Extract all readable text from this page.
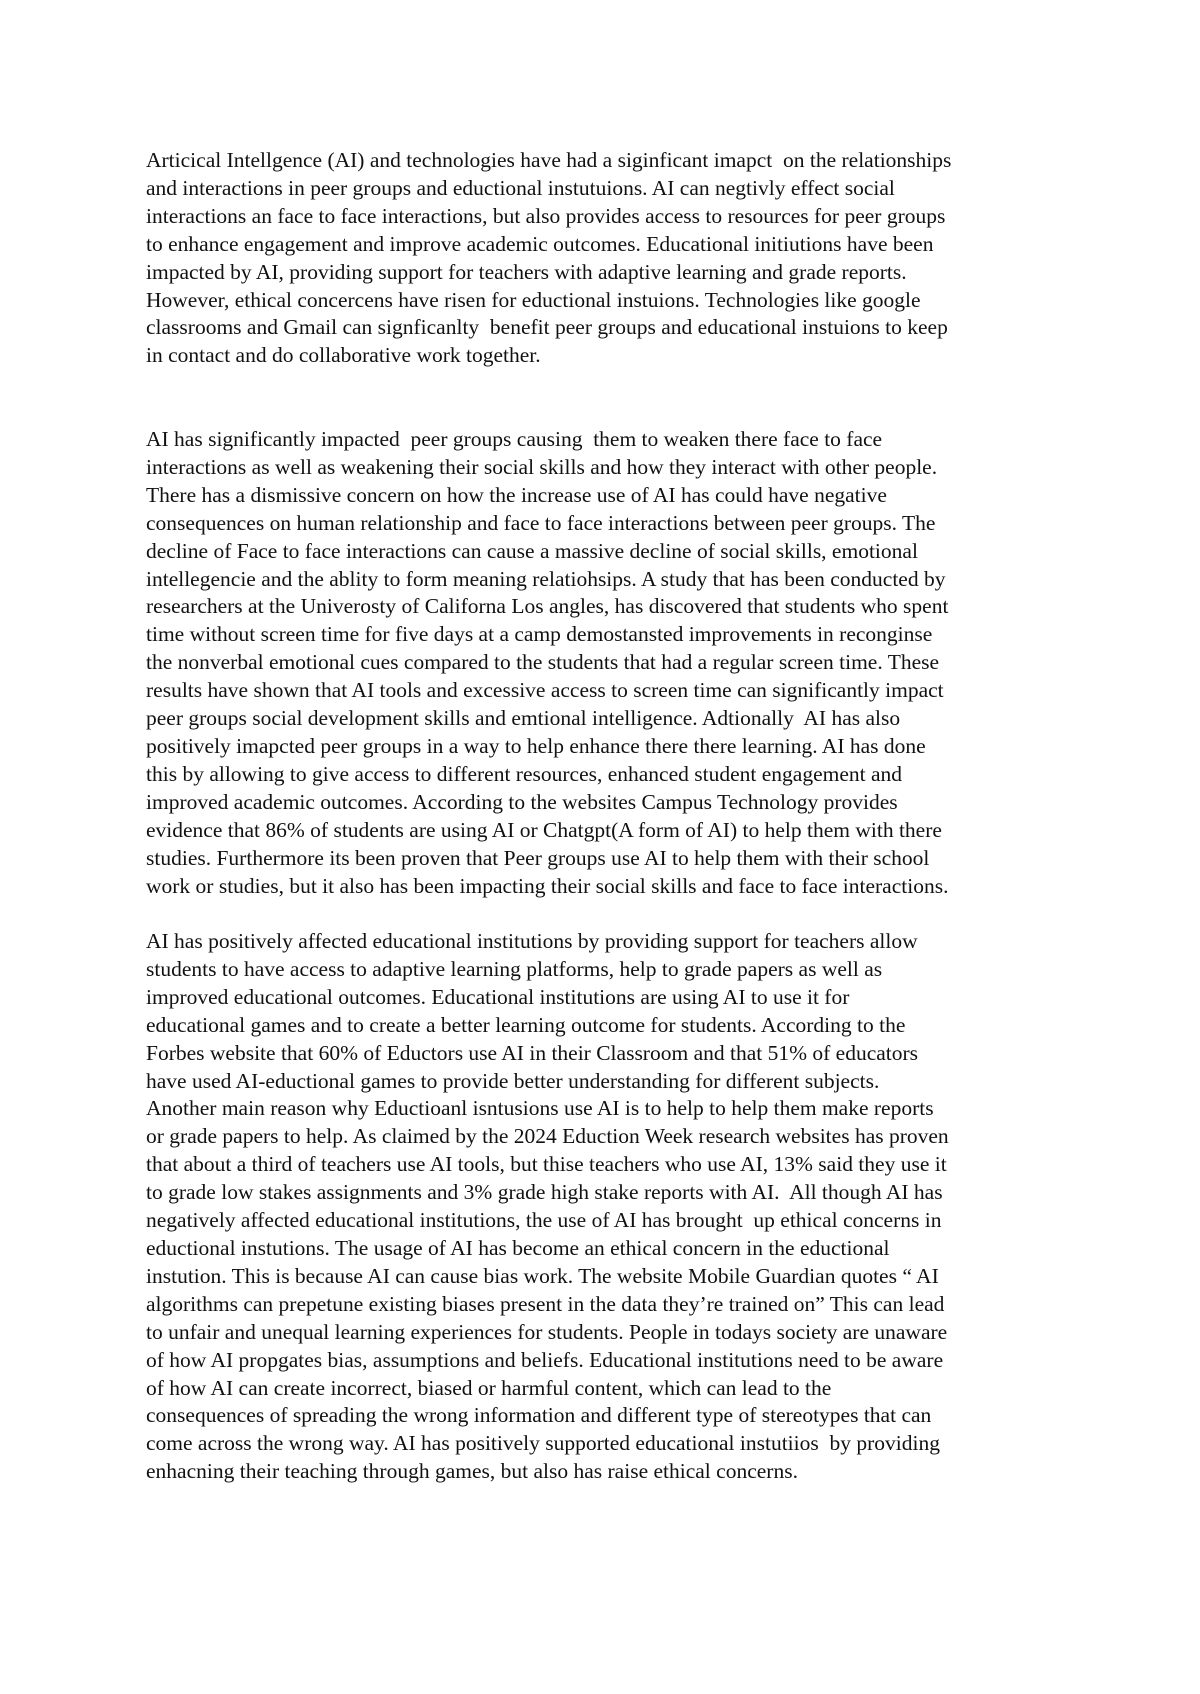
Articical Intellgence (AI) and technologies have had a siginficant imapct  on the relationships
and interactions in peer groups and eductional instutuions. AI can negtivly effect social
interactions an face to face interactions, but also provides access to resources for peer groups
to enhance engagement and improve academic outcomes. Educational initiutions have been
impacted by AI, providing support for teachers with adaptive learning and grade reports.
However, ethical concercens have risen for eductional instuions. Technologies like google
classrooms and Gmail can signficanlty  benefit peer groups and educational instuions to keep
in contact and do collaborative work together.
AI has significantly impacted  peer groups causing  them to weaken there face to face
interactions as well as weakening their social skills and how they interact with other people.
There has a dismissive concern on how the increase use of AI has could have negative
consequences on human relationship and face to face interactions between peer groups. The
decline of Face to face interactions can cause a massive decline of social skills, emotional
intellegencie and the ablity to form meaning relatiohsips. A study that has been conducted by
researchers at the Univerosty of Californa Los angles, has discovered that students who spent
time without screen time for five days at a camp demostansted improvements in reconginse
the nonverbal emotional cues compared to the students that had a regular screen time. These
results have shown that AI tools and excessive access to screen time can significantly impact
peer groups social development skills and emtional intelligence. Adtionally  AI has also
positively imapcted peer groups in a way to help enhance there there learning. AI has done
this by allowing to give access to different resources, enhanced student engagement and
improved academic outcomes. According to the websites Campus Technology provides
evidence that 86% of students are using AI or Chatgpt(A form of AI) to help them with there
studies. Furthermore its been proven that Peer groups use AI to help them with their school
work or studies, but it also has been impacting their social skills and face to face interactions.
AI has positively affected educational institutions by providing support for teachers allow
students to have access to adaptive learning platforms, help to grade papers as well as
improved educational outcomes. Educational institutions are using AI to use it for
educational games and to create a better learning outcome for students. According to the
Forbes website that 60% of Eductors use AI in their Classroom and that 51% of educators
have used AI-eductional games to provide better understanding for different subjects.
Another main reason why Eductioanl isntusions use AI is to help to help them make reports
or grade papers to help. As claimed by the 2024 Eduction Week research websites has proven
that about a third of teachers use AI tools, but thise teachers who use AI, 13% said they use it
to grade low stakes assignments and 3% grade high stake reports with AI.  All though AI has
negatively affected educational institutions, the use of AI has brought  up ethical concerns in
eductional instutions. The usage of AI has become an ethical concern in the eductional
instution. This is because AI can cause bias work. The website Mobile Guardian quotes “ AI
algorithms can prepetune existing biases present in the data they’re trained on” This can lead
to unfair and unequal learning experiences for students. People in todays society are unaware
of how AI propgates bias, assumptions and beliefs. Educational institutions need to be aware
of how AI can create incorrect, biased or harmful content, which can lead to the
consequences of spreading the wrong information and different type of stereotypes that can
come across the wrong way. AI has positively supported educational instutiios  by providing
enhacning their teaching through games, but also has raise ethical concerns.
